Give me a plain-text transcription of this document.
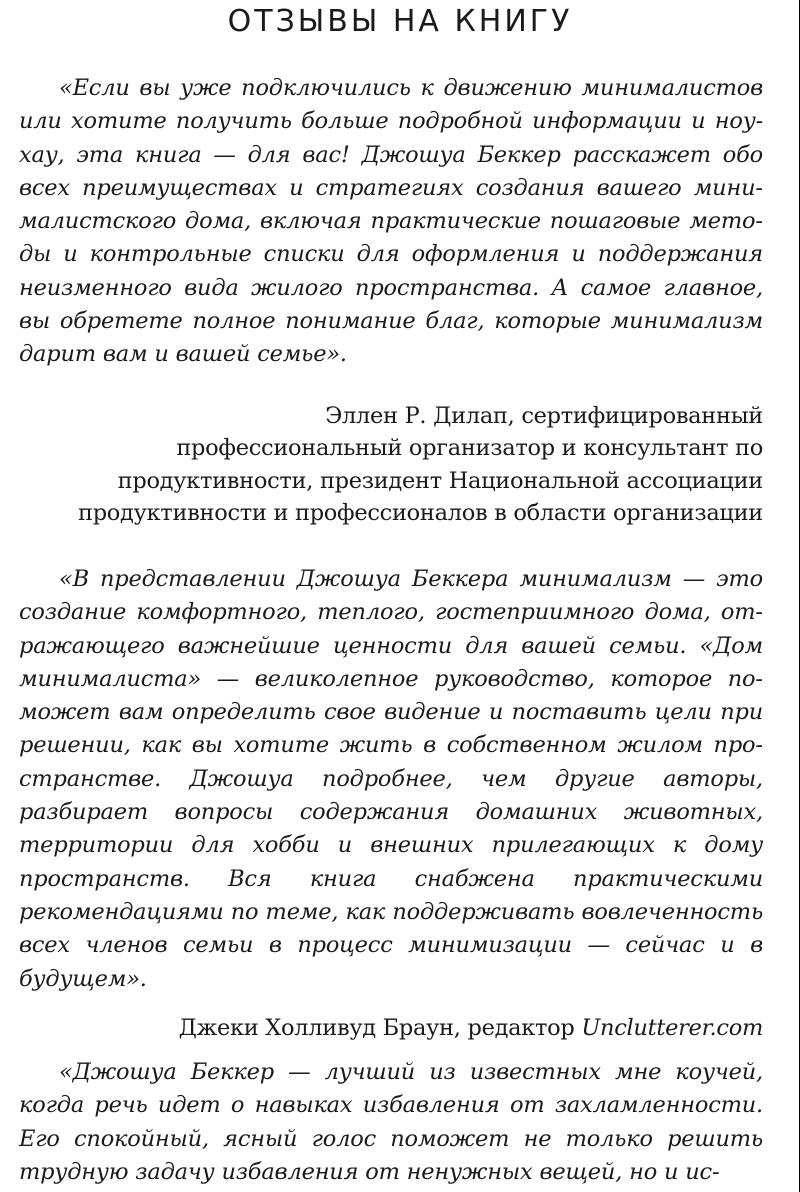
ОТЗЫВЫ НА КНИГУ

«Если вы уже подключились к движению минималистов или хотите получить больше подробной информации и ноу-хау, эта книга — для вас! Джошуа Беккер расскажет обо всех преимуществах и стратегиях создания вашего минималистского дома, включая практические пошаговые методы и контрольные списки для оформления и поддержания неизменного вида жилого пространства. А самое главное, вы обретете полное понимание благ, которые минимализм дарит вам и вашей семье».

Эллен Р. Дилап, сертифицированный
профессиональный организатор и консультант по
продуктивности, президент Национальной ассоциации
продуктивности и профессионалов в области организации

«В представлении Джошуа Беккера минимализм — это создание комфортного, теплого, гостеприимного дома, отражающего важнейшие ценности для вашей семьи. «Дом минималиста» — великолепное руководство, которое поможет вам определить свое видение и поставить цели при решении, как вы хотите жить в собственном жилом пространстве. Джошуа подробнее, чем другие авторы, разбирает вопросы содержания домашних животных, территории для хобби и внешних прилегающих к дому пространств. Вся книга снабжена практическими рекомендациями по теме, как поддерживать вовлеченность всех членов семьи в процесс минимизации — сейчас и в будущем».

Джеки Холливуд Браун, редактор Unclutterer.com

«Джошуа Беккер — лучший из известных мне коучей, когда речь идет о навыках избавления от захламленности. Его спокойный, ясный голос поможет не только решить трудную задачу избавления от ненужных вещей, но и ис-
